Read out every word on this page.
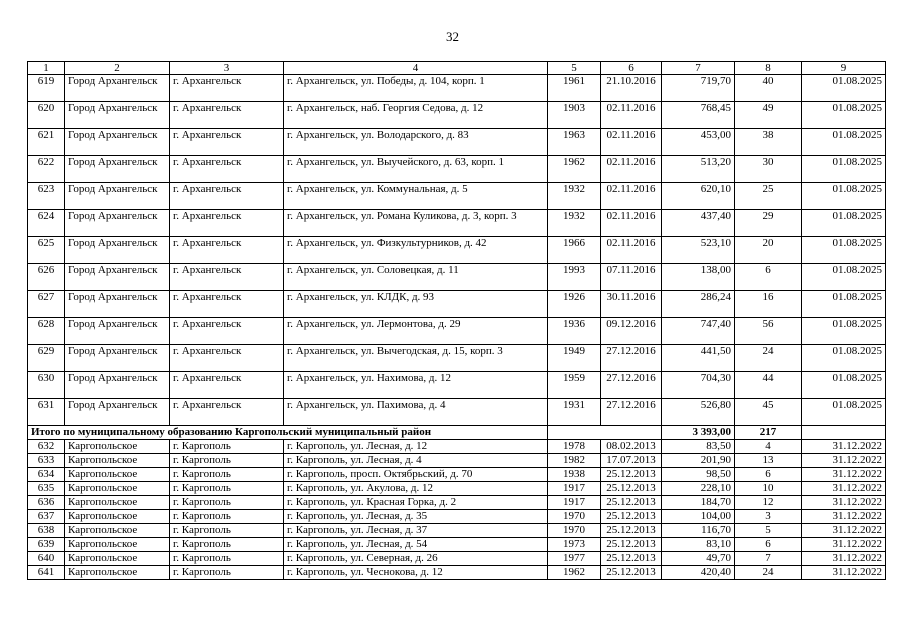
32
1	2	3	4	5	6	7	8	9
619	Город Архангельск	г. Архангельск	г. Архангельск, ул. Победы, д. 104, корп. 1	1961	21.10.2016	719,70	40	01.08.2025
620	Город Архангельск	г. Архангельск	г. Архангельск, наб. Георгия Седова, д. 12	1903	02.11.2016	768,45	49	01.08.2025
621	Город Архангельск	г. Архангельск	г. Архангельск, ул. Володарского, д. 83	1963	02.11.2016	453,00	38	01.08.2025
622	Город Архангельск	г. Архангельск	г. Архангельск, ул. Выучейского, д. 63, корп. 1	1962	02.11.2016	513,20	30	01.08.2025
623	Город Архангельск	г. Архангельск	г. Архангельск, ул. Коммунальная, д. 5	1932	02.11.2016	620,10	25	01.08.2025
624	Город Архангельск	г. Архангельск	г. Архангельск, ул. Романа Куликова, д. 3, корп. 3	1932	02.11.2016	437,40	29	01.08.2025
625	Город Архангельск	г. Архангельск	г. Архангельск, ул. Физкультурников, д. 42	1966	02.11.2016	523,10	20	01.08.2025
626	Город Архангельск	г. Архангельск	г. Архангельск, ул. Соловецкая, д. 11	1993	07.11.2016	138,00	6	01.08.2025
627	Город Архангельск	г. Архангельск	г. Архангельск, ул. КЛДК, д. 93	1926	30.11.2016	286,24	16	01.08.2025
628	Город Архангельск	г. Архангельск	г. Архангельск, ул. Лермонтова, д. 29	1936	09.12.2016	747,40	56	01.08.2025
629	Город Архангельск	г. Архангельск	г. Архангельск, ул. Вычегодская, д. 15, корп. 3	1949	27.12.2016	441,50	24	01.08.2025
630	Город Архангельск	г. Архангельск	г. Архангельск, ул. Нахимова, д. 12	1959	27.12.2016	704,30	44	01.08.2025
631	Город Архангельск	г. Архангельск	г. Архангельск, ул. Пахимова, д. 4	1931	27.12.2016	526,80	45	01.08.2025
Итого по муниципальному образованию Каргопольский муниципальный район						3 393,00	217	
632	Каргопольское	г. Каргополь	г. Каргополь, ул. Лесная, д. 12	1978	08.02.2013	83,50	4	31.12.2022
633	Каргопольское	г. Каргополь	г. Каргополь, ул. Лесная, д. 4	1982	17.07.2013	201,90	13	31.12.2022
634	Каргопольское	г. Каргополь	г. Каргополь, просп. Октябрьский, д. 70	1938	25.12.2013	98,50	6	31.12.2022
635	Каргопольское	г. Каргополь	г. Каргополь, ул. Акулова, д. 12	1917	25.12.2013	228,10	10	31.12.2022
636	Каргопольское	г. Каргополь	г. Каргополь, ул. Красная Горка, д. 2	1917	25.12.2013	184,70	12	31.12.2022
637	Каргопольское	г. Каргополь	г. Каргополь, ул. Лесная, д. 35	1970	25.12.2013	104,00	3	31.12.2022
638	Каргопольское	г. Каргополь	г. Каргополь, ул. Лесная, д. 37	1970	25.12.2013	116,70	5	31.12.2022
639	Каргопольское	г. Каргополь	г. Каргополь, ул. Лесная, д. 54	1973	25.12.2013	83,10	6	31.12.2022
640	Каргопольское	г. Каргополь	г. Каргополь, ул. Северная, д. 26	1977	25.12.2013	49,70	7	31.12.2022
641	Каргопольское	г. Каргополь	г. Каргополь, ул. Чеснокова, д. 12	1962	25.12.2013	420,40	24	31.12.2022
